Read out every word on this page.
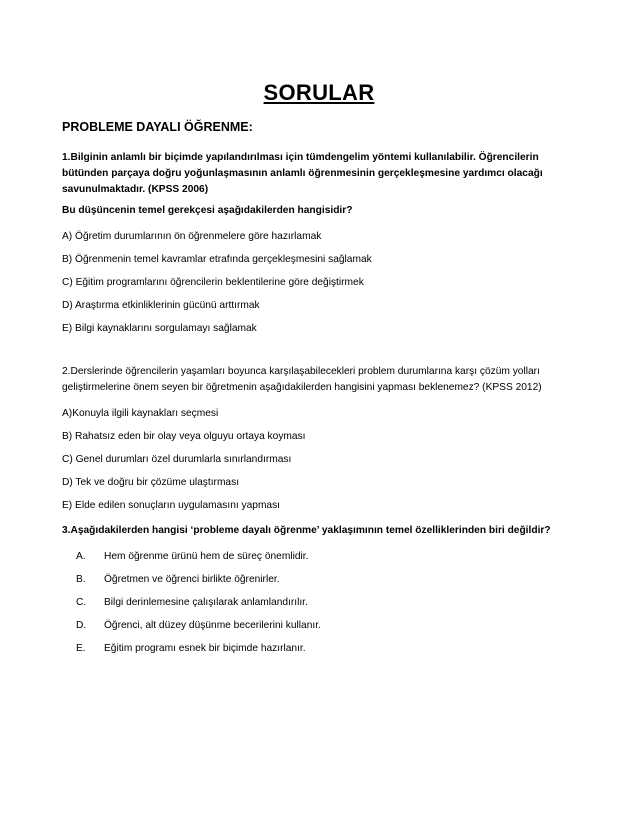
SORULAR
PROBLEME DAYALI ÖĞRENME:
1.Bilginin anlamlı bir biçimde yapılandırılması için tümdengelim yöntemi kullanılabilir. Öğrencilerin bütünden parçaya doğru yoğunlaşmasının anlamlı öğrenmesinin gerçekleşmesine yardımcı olacağı savunulmaktadır. (KPSS 2006)
Bu düşüncenin temel gerekçesi aşağıdakilerden hangisidir?
A) Öğretim durumlarının ön öğrenmelere göre hazırlamak
B) Öğrenmenin temel kavramlar etrafında gerçekleşmesini sağlamak
C) Eğitim programlarını öğrencilerin beklentilerine göre değiştirmek
D) Araştırma etkinliklerinin gücünü arttırmak
E) Bilgi kaynaklarını sorgulamayı sağlamak
2.Derslerinde öğrencilerin yaşamları boyunca karşılaşabilecekleri problem durumlarına karşı çözüm yolları geliştirmelerine önem seyen bir öğretmenin aşağıdakilerden hangisini yapması beklenemez? (KPSS 2012)
A)Konuyla ilgili kaynakları seçmesi
B) Rahatsız eden bir olay veya olguyu ortaya koyması
C) Genel durumları özel durumlarla sınırlandırması
D) Tek ve doğru bir çözüme ulaştırması
E) Elde edilen sonuçların uygulamasını yapması
3.Aşağıdakilerden hangisi ‘probleme dayalı öğrenme’ yaklaşımının temel özelliklerinden biri değildir?
A. Hem öğrenme ürünü hem de süreç önemlidir.
B. Öğretmen ve öğrenci birlikte öğrenirler.
C. Bilgi derinlemesine çalışılarak anlamlandırılır.
D. Öğrenci, alt düzey düşünme becerilerini kullanır.
E. Eğitim programı esnek bir biçimde hazırlanır.
